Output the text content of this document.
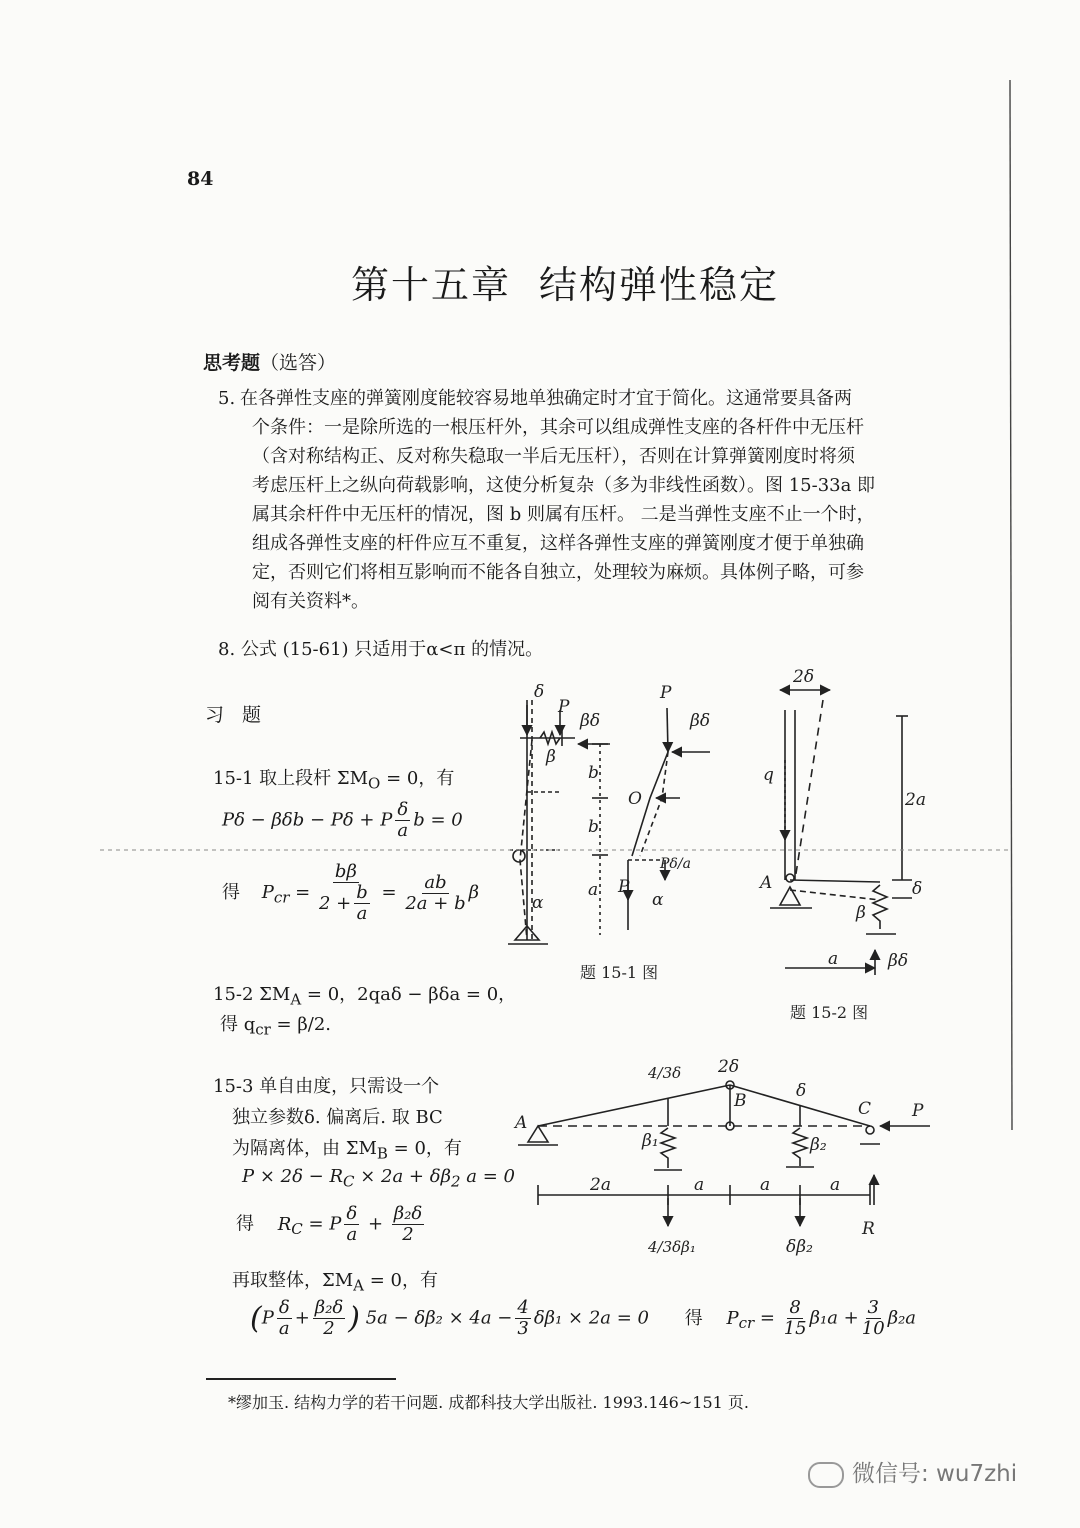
84
第十五章 结构弹性稳定
思考题（选答）
5. 在各弹性支座的弹簧刚度能较容易地单独确定时才宜于简化。这通常要具备两
个条件：一是除所选的一根压杆外，其余可以组成弹性支座的各杆件中无压杆
（含对称结构正、反对称失稳取一半后无压杆），否则在计算弹簧刚度时将须
考虑压杆上之纵向荷载影响，这使分析复杂（多为非线性函数）。图 15-33a 即
属其余杆件中无压杆的情况，图 b 则属有压杆。 二是当弹性支座不止一个时，
组成各弹性支座的杆件应互不重复，这样各弹性支座的弹簧刚度才便于单独确
定，否则它们将相互影响而不能各自独立，处理较为麻烦。具体例子略，可参
阅有关资料*。
8. 公式 (15-61) 只适用于α<π 的情况。
习 题
15-1 取上段杆 $\Sigma M_O = 0$，有
Pδ − βδb − Pδ + P $\frac{\delta}{a}$ b = 0
得 $P_{cr} = \frac{b\beta}{2 + \frac{b}{a}} = \frac{ab}{2a + b}$ β
15-2 $\Sigma M_A = 0$，2qaδ − βδa = 0，
得 $q_{cr} = \beta/2$.
15-3 单自由度，只需设一个
独立参数δ. 偏离后. 取 BC
为隔离体，由 $\Sigma M_B = 0$，有
$P \times 2\delta - R_C \times 2a + \delta\beta_2$ a = 0
得 $R_C = P \frac{\delta}{a} + \frac{\text{β₂δ}}{2}$
再取整体，$\Sigma M_A = 0$，有
($P \frac{\delta}{a} + \frac{\text{β₂δ}}{2}$ ) $5a - \delta\beta_2 \times 4a - \frac{4}{3} \delta\beta_1 \times 2a = 0$ 得 $P_{cr} = \frac{8}{15} \beta_1a + \frac{3}{10} \beta_2a$
δ
P
βδ
β
b
b
a
α
P
βδ
O
Pδ/a
P
α
2δ
q
2a
A	δ
β
a	βδ
4/3δ 2δ
B	δ
C P
A
β₁	β₂
2a	a	a	a
4/3δβ₁	δβ₂
R
题 15-1 图
题 15-2 图
*缪加玉. 结构力学的若干问题. 成都科技大学出版社. 1993.146~151 页.
微信号: wu7zhi
